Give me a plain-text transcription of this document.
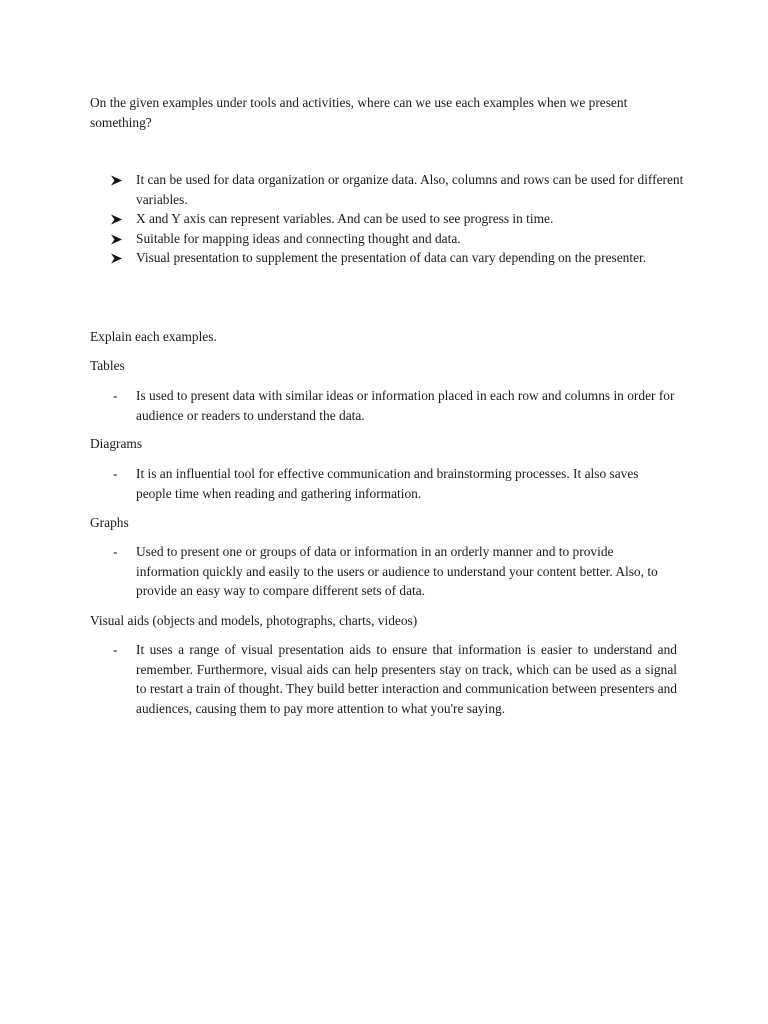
On the given examples under tools and activities, where can we use each examples when we present something?
It can be used for data organization or organize data. Also, columns and rows can be used for different variables.
X and Y axis can represent variables. And can be used to see progress in time.
Suitable for mapping ideas and connecting thought and data.
Visual presentation to supplement the presentation of data can vary depending on the presenter.
Explain each examples.
Tables
- Is used to present data with similar ideas or information placed in each row and columns in order for audience or readers to understand the data.
Diagrams
- It is an influential tool for effective communication and brainstorming processes. It also saves people time when reading and gathering information.
Graphs
- Used to present one or groups of data or information in an orderly manner and to provide information quickly and easily to the users or audience to understand your content better. Also, to provide an easy way to compare different sets of data.
Visual aids (objects and models, photographs, charts, videos)
- It uses a range of visual presentation aids to ensure that information is easier to understand and remember. Furthermore, visual aids can help presenters stay on track, which can be used as a signal to restart a train of thought. They build better interaction and communication between presenters and audiences, causing them to pay more attention to what you're saying.
